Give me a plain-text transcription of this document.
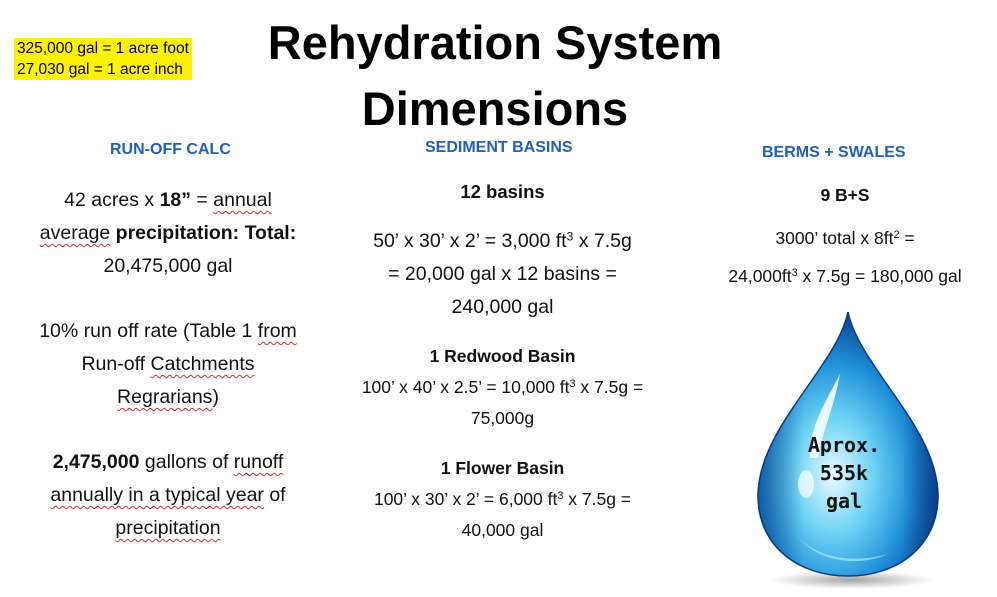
325,000 gal = 1 acre foot
27,030 gal = 1 acre inch
Rehydration System
Dimensions
RUN-OFF CALC
42 acres x 18” = annual
average precipitation: Total:
20,475,000 gal
10% run off rate (Table 1 from
Run-off Catchments
Regrarians)
2,475,000 gallons of runoff
annually in a typical year of
precipitation
SEDIMENT BASINS
12 basins
50’ x 30’ x 2’ = 3,000 $ft^3$ x 7.5g
= 20,000 gal x 12 basins =
240,000 gal
1 Redwood Basin
100’ x 40’ x 2.5’ = 10,000 $ft^3$ x 7.5g =
75,000g
1 Flower Basin
100’ x 30’ x 2’ = 6,000 $ft^3$ x 7.5g =
40,000 gal
BERMS + SWALES
9 B+S
3000’ total x $8ft^2$ =
$24,000ft^3$ x 7.5g = 180,000 gal
Aprox.
535k
gal
